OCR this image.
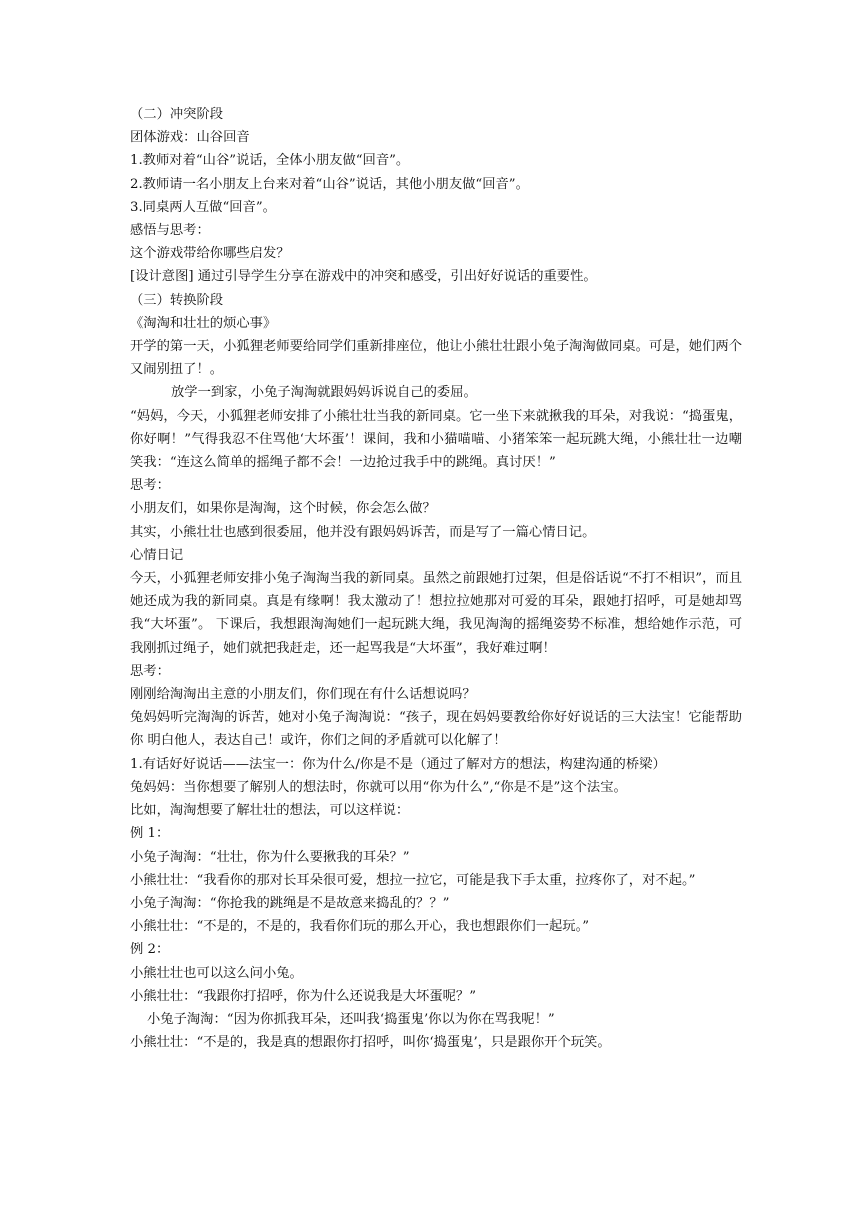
（二）冲突阶段

团体游戏：山谷回音

1.教师对着“山谷”说话，全体小朋友做“回音”。

2.教师请一名小朋友上台来对着“山谷”说话，其他小朋友做“回音”。

3.同桌两人互做“回音”。

感悟与思考：

这个游戏带给你哪些启发？

[设计意图] 通过引导学生分享在游戏中的冲突和感受，引出好好说话的重要性。

（三）转换阶段

《淘淘和壮壮的烦心事》

开学的第一天，小狐狸老师要给同学们重新排座位，他让小熊壮壮跟小兔子淘淘做同桌。可是，她们两个又闹别扭了！。

放学一到家，小兔子淘淘就跟妈妈诉说自己的委屈。

“妈妈，今天，小狐狸老师安排了小熊壮壮当我的新同桌。它一坐下来就揪我的耳朵，对我说：“捣蛋鬼，你好啊！”气得我忍不住骂他‘大坏蛋’！课间，我和小猫喵喵、小猪笨笨一起玩跳大绳，小熊壮壮一边嘲笑我：“连这么简单的摇绳子都不会！一边抢过我手中的跳绳。真讨厌！”

思考：

小朋友们，如果你是淘淘，这个时候，你会怎么做？

其实，小熊壮壮也感到很委屈，他并没有跟妈妈诉苦，而是写了一篇心情日记。

心情日记

今天，小狐狸老师安排小兔子淘淘当我的新同桌。虽然之前跟她打过架，但是俗话说“不打不相识”，而且她还成为我的新同桌。真是有缘啊！我太激动了！想拉拉她那对可爱的耳朵，跟她打招呼，可是她却骂我“大坏蛋”。 下课后，我想跟淘淘她们一起玩跳大绳，我见淘淘的摇绳姿势不标准，想给她作示范，可我刚抓过绳子，她们就把我赶走，还一起骂我是“大坏蛋”，我好难过啊！

思考：

刚刚给淘淘出主意的小朋友们，你们现在有什么话想说吗？

兔妈妈听完淘淘的诉苦，她对小兔子淘淘说：“孩子，现在妈妈要教给你好好说话的三大法宝！它能帮助你 明白他人，表达自己！或许，你们之间的矛盾就可以化解了！

1.有话好好说话——法宝一：你为什么/你是不是（通过了解对方的想法，构建沟通的桥梁）

兔妈妈：当你想要了解别人的想法时，你就可以用“你为什么”,“你是不是”这个法宝。

比如，淘淘想要了解壮壮的想法，可以这样说：

例 1：

小兔子淘淘：“壮壮，你为什么要揪我的耳朵？”

小熊壮壮：“我看你的那对长耳朵很可爱，想拉一拉它，可能是我下手太重，拉疼你了，对不起。”

小兔子淘淘：“你抢我的跳绳是不是故意来捣乱的？？”

小熊壮壮：“不是的，不是的，我看你们玩的那么开心，我也想跟你们一起玩。”

例 2：

小熊壮壮也可以这么问小兔。

小熊壮壮：“我跟你打招呼，你为什么还说我是大坏蛋呢？”

小兔子淘淘：“因为你抓我耳朵，还叫我‘捣蛋鬼’你以为你在骂我呢！”

小熊壮壮：“不是的，我是真的想跟你打招呼，叫你‘捣蛋鬼’，只是跟你开个玩笑。
